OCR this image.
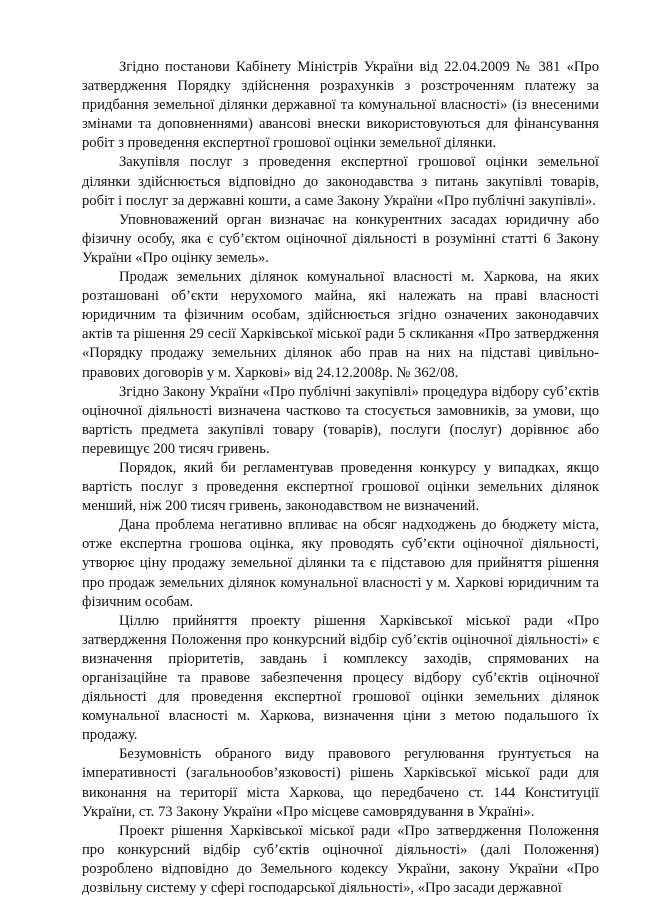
Згідно постанови Кабінету Міністрів України від 22.04.2009 № 381 «Про затвердження Порядку здійснення розрахунків з розстроченням платежу за придбання земельної ділянки державної та комунальної власності» (із внесеними змінами та доповненнями) авансові внески використовуються для фінансування робіт з проведення експертної грошової оцінки земельної ділянки.

Закупівля послуг з проведення експертної грошової оцінки земельної ділянки здійснюється відповідно до законодавства з питань закупівлі товарів, робіт і послуг за державні кошти, а саме Закону України «Про публічні закупівлі».

Уповноважений орган визначає на конкурентних засадах юридичну або фізичну особу, яка є суб’єктом оціночної діяльності в розумінні статті 6 Закону України «Про оцінку земель».

Продаж земельних ділянок комунальної власності м. Харкова, на яких розташовані об’єкти нерухомого майна, які належать на праві власності юридичним та фізичним особам, здійснюється згідно означених законодавчих актів та рішення 29 сесії Харківської міської ради 5 скликання «Про затвердження «Порядку продажу земельних ділянок або прав на них на підставі цивільно-правових договорів у м. Харкові» від 24.12.2008р. № 362/08.

Згідно Закону України «Про публічні закупівлі» процедура відбору суб’єктів оціночної діяльності визначена частково та стосується замовників, за умови, що вартість предмета закупівлі товару (товарів), послуги (послуг) дорівнює або перевищує 200 тисяч гривень.

Порядок, який би регламентував проведення конкурсу у випадках, якщо вартість послуг з проведення експертної грошової оцінки земельних ділянок менший, ніж 200 тисяч гривень, законодавством не визначений.

Дана проблема негативно впливає на обсяг надходжень до бюджету міста, отже експертна грошова оцінка, яку проводять суб’єкти оціночної діяльності, утворює ціну продажу земельної ділянки та є підставою для прийняття рішення про продаж земельних ділянок комунальної власності у м. Харкові юридичним та фізичним особам.

Ціллю прийняття проекту рішення Харківської міської ради «Про затвердження Положення про конкурсний відбір суб’єктів оціночної діяльності» є визначення пріоритетів, завдань і комплексу заходів, спрямованих на організаційне та правове забезпечення процесу відбору суб’єктів оціночної діяльності для проведення експертної грошової оцінки земельних ділянок комунальної власності м. Харкова, визначення ціни з метою подальшого їх продажу.

Безумовність обраного виду правового регулювання ґрунтується на імперативності (загальнообов’язковості) рішень Харківської міської ради для виконання на території міста Харкова, що передбачено ст. 144 Конституції України, ст. 73 Закону України «Про місцеве самоврядування в Україні».

Проект рішення Харківської міської ради «Про затвердження Положення про конкурсний відбір суб’єктів оціночної діяльності» (далі Положення) розроблено відповідно до Земельного кодексу України, закону України «Про дозвільну систему у сфері господарської діяльності», «Про засади державної
